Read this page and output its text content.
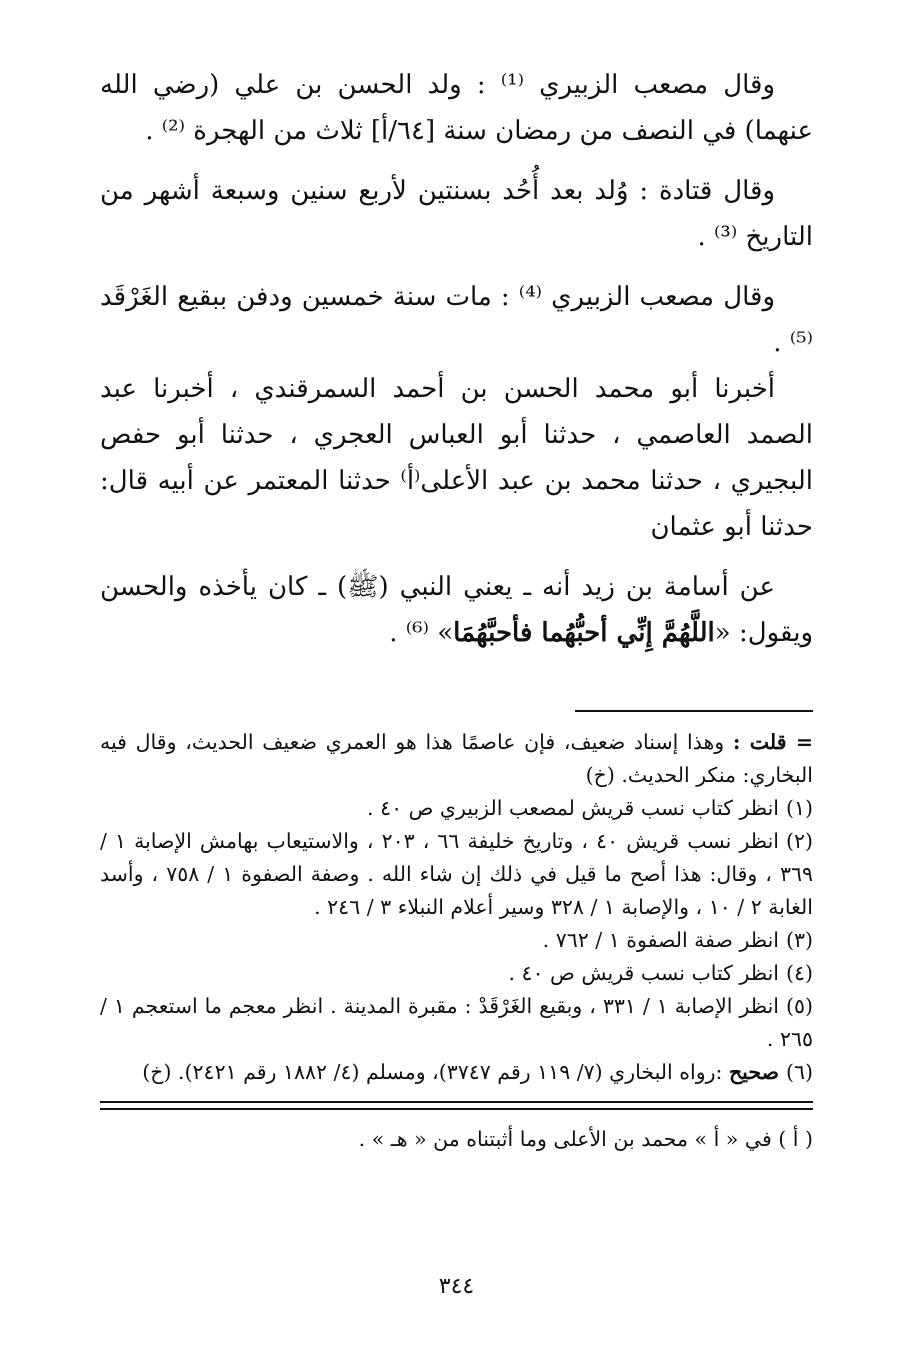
وقال مصعب الزبيري ⁽¹⁾ : ولد الحسن بن علي (رضي الله عنهما) في النصف من رمضان سنة [٦٤/أ] ثلاث من الهجرة ⁽²⁾ .

وقال قتادة : وُلد بعد أُحُد بسنتين لأربع سنين وسبعة أشهر من التاريخ ⁽³⁾ .

وقال مصعب الزبيري ⁽⁴⁾ : مات سنة خمسين ودفن ببقيع الغَرْقَد ⁽⁵⁾ .

أخبرنا أبو محمد الحسن بن أحمد السمرقندي ، أخبرنا عبد الصمد العاصمي ، حدثنا أبو العباس العجري ، حدثنا أبو حفص البجيري ، حدثنا محمد بن عبد الأعلى⁽أ⁾ حدثنا المعتمر عن أبيه قال: حدثنا أبو عثمان

عن أسامة بن زيد أنه ـ يعني النبي (ﷺ) ـ كان يأخذه والحسن ويقول: «اللَّهُمَّ إِنِّي أحبُّهُما فأحبَّهُمَا» ⁽⁶⁾ .

= قلت : وهذا إسناد ضعيف، فإن عاصمًا هذا هو العمري ضعيف الحديث، وقال فيه البخاري: منكر الحديث. (خ)

(١)انظر كتاب نسب قريش لمصعب الزبيري ص ٤٠ .

(٢)انظر نسب قريش ٤٠ ، وتاريخ خليفة ٦٦ ، ٢٠٣ ، والاستيعاب بهامش الإصابة ١ / ٣٦٩ ، وقال: هذا أصح ما قيل في ذلك إن شاء الله . وصفة الصفوة ١ / ٧٥٨ ، وأسد الغابة ٢ / ١٠ ، والإصابة ١ / ٣٢٨ وسير أعلام النبلاء ٣ / ٢٤٦ .

(٣)انظر صفة الصفوة ١ / ٧٦٢ .

(٤)انظر كتاب نسب قريش ص ٤٠ .

(٥)انظر الإصابة ١ / ٣٣١ ، وبقيع الغَرْقَدْ : مقبرة المدينة . انظر معجم ما استعجم ١ / ٢٦٥ .

(٦)صحيح :رواه البخاري (٧/ ١١٩ رقم ٣٧٤٧)، ومسلم (٤/ ١٨٨٢ رقم ٢٤٢١). (خ)

( أ ) في « أ » محمد بن الأعلى وما أثبتناه من « هـ » .
٣٤٤
